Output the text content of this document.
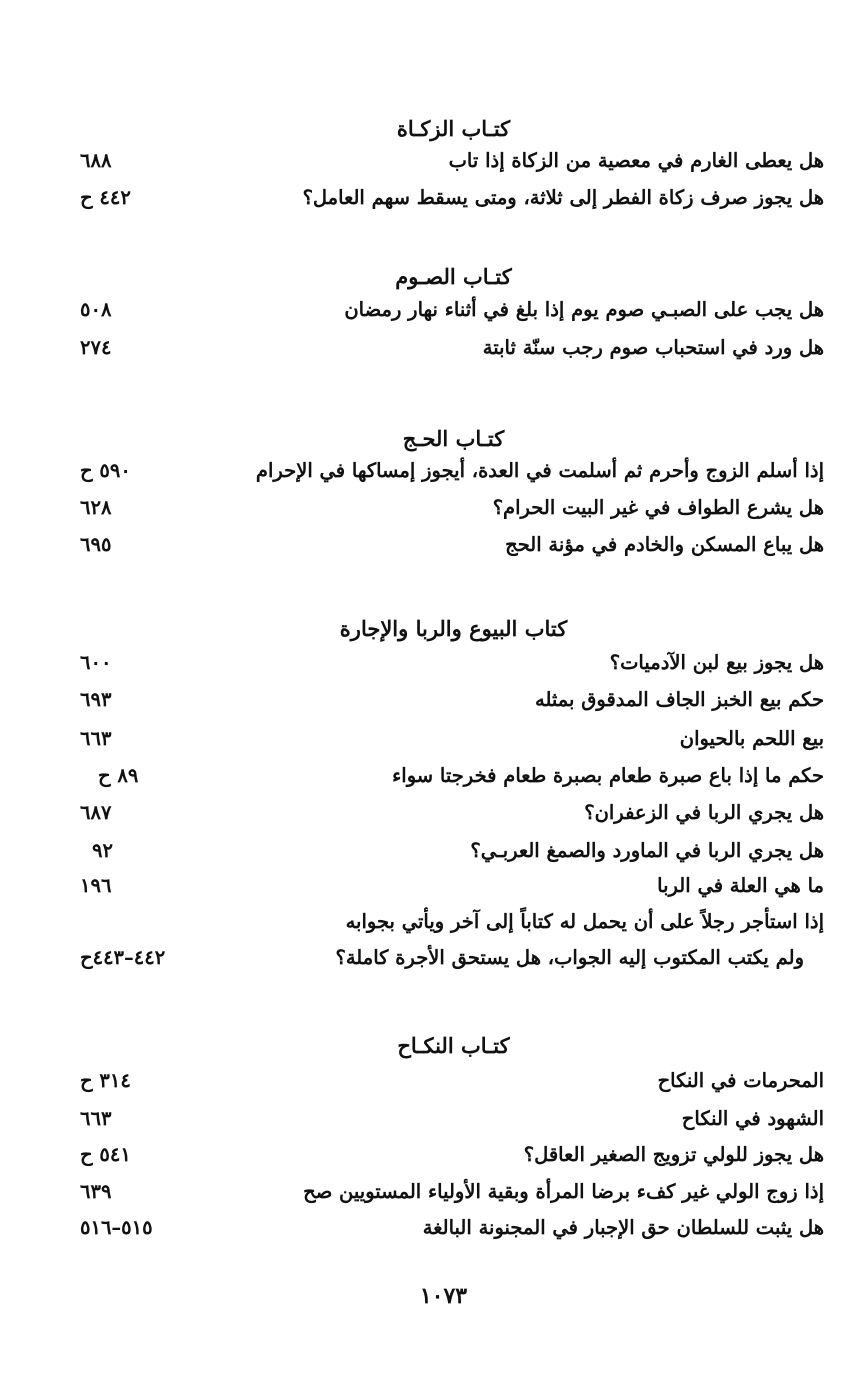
كتـاب الزكـاة
هل يعطى الغارم في معصية من الزكاة إذا تاب
٦٨٨
هل يجوز صرف زكاة الفطر إلى ثلاثة، ومتى يسقط سهم العامل؟
٤٤٢ ح
كتـاب الصـوم
هل يجب على الصبـي صوم يوم إذا بلغ في أثناء نهار رمضان
٥٠٨
هل ورد في استحباب صوم رجب سنّة ثابتة
٢٧٤
كتـاب الحـج
إذا أسلم الزوج وأحرم ثم أسلمت في العدة، أيجوز إمساكها في الإحرام
٥٩٠ ح
هل يشرع الطواف في غير البيت الحرام؟
٦٢٨
هل يباع المسكن والخادم في مؤنة الحج
٦٩٥
كتاب البيوع والربا والإجارة
هل يجوز بيع لبن الآدميات؟
٦٠٠
حكم بيع الخبز الجاف المدقوق بمثله
٦٩٣
بيع اللحم بالحيوان
٦٦٣
حكم ما إذا باع صبرة طعام بصبرة طعام فخرجتا سواء
٨٩ ح
هل يجري الربا في الزعفران؟
٦٨٧
هل يجري الربا في الماورد والصمغ العربـي؟
٩٢
ما هي العلة في الربا
١٩٦
إذا استأجر رجلاً على أن يحمل له كتاباً إلى آخر ويأتي بجوابه
ولم يكتب المكتوب إليه الجواب، هل يستحق الأجرة كاملة؟
٤٤٢–٤٤٣ح
كتـاب النكـاح
المحرمات في النكاح
٣١٤ ح
الشهود في النكاح
٦٦٣
هل يجوز للولي تزويج الصغير العاقل؟
٥٤١ ح
إذا زوج الولي غير كفء برضا المرأة وبقية الأولياء المستويين صح
٦٣٩
هل يثبت للسلطان حق الإجبار في المجنونة البالغة
٥١٥–٥١٦
١٠٧٣
